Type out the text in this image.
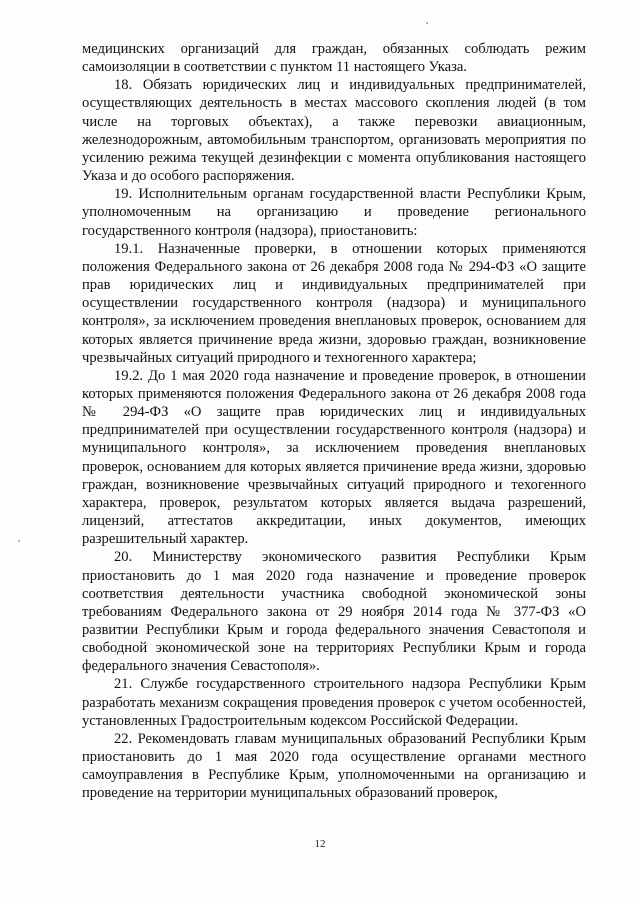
медицинских организаций для граждан, обязанных соблюдать режим самоизоляции в соответствии с пунктом 11 настоящего Указа.

18. Обязать юридических лиц и индивидуальных предпринимателей, осуществляющих деятельность в местах массового скопления людей (в том числе на торговых объектах), а также перевозки авиационным, железнодорожным, автомобильным транспортом, организовать мероприятия по усилению режима текущей дезинфекции с момента опубликования настоящего Указа и до особого распоряжения.

19. Исполнительным органам государственной власти Республики Крым, уполномоченным на организацию и проведение регионального государственного контроля (надзора), приостановить:

19.1. Назначенные проверки, в отношении которых применяются положения Федерального закона от 26 декабря 2008 года № 294-ФЗ «О защите прав юридических лиц и индивидуальных предпринимателей при осуществлении государственного контроля (надзора) и муниципального контроля», за исключением проведения внеплановых проверок, основанием для которых является причинение вреда жизни, здоровью граждан, возникновение чрезвычайных ситуаций природного и техногенного характера;

19.2. До 1 мая 2020 года назначение и проведение проверок, в отношении которых применяются положения Федерального закона от 26 декабря 2008 года № 294-ФЗ «О защите прав юридических лиц и индивидуальных предпринимателей при осуществлении государственного контроля (надзора) и муниципального контроля», за исключением проведения внеплановых проверок, основанием для которых является причинение вреда жизни, здоровью граждан, возникновение чрезвычайных ситуаций природного и техогенного характера, проверок, результатом которых является выдача разрешений, лицензий, аттестатов аккредитации, иных документов, имеющих разрешительный характер.

20. Министерству экономического развития Республики Крым приостановить до 1 мая 2020 года назначение и проведение проверок соответствия деятельности участника свободной экономической зоны требованиям Федерального закона от 29 ноября 2014 года № 377-ФЗ «О развитии Республики Крым и города федерального значения Севастополя и свободной экономической зоне на территориях Республики Крым и города федерального значения Севастополя».

21. Службе государственного строительного надзора Республики Крым разработать механизм сокращения проведения проверок с учетом особенностей, установленных Градостроительным кодексом Российской Федерации.

22. Рекомендовать главам муниципальных образований Республики Крым приостановить до 1 мая 2020 года осуществление органами местного самоуправления в Республике Крым, уполномоченными на организацию и проведение на территории муниципальных образований проверок,

12
